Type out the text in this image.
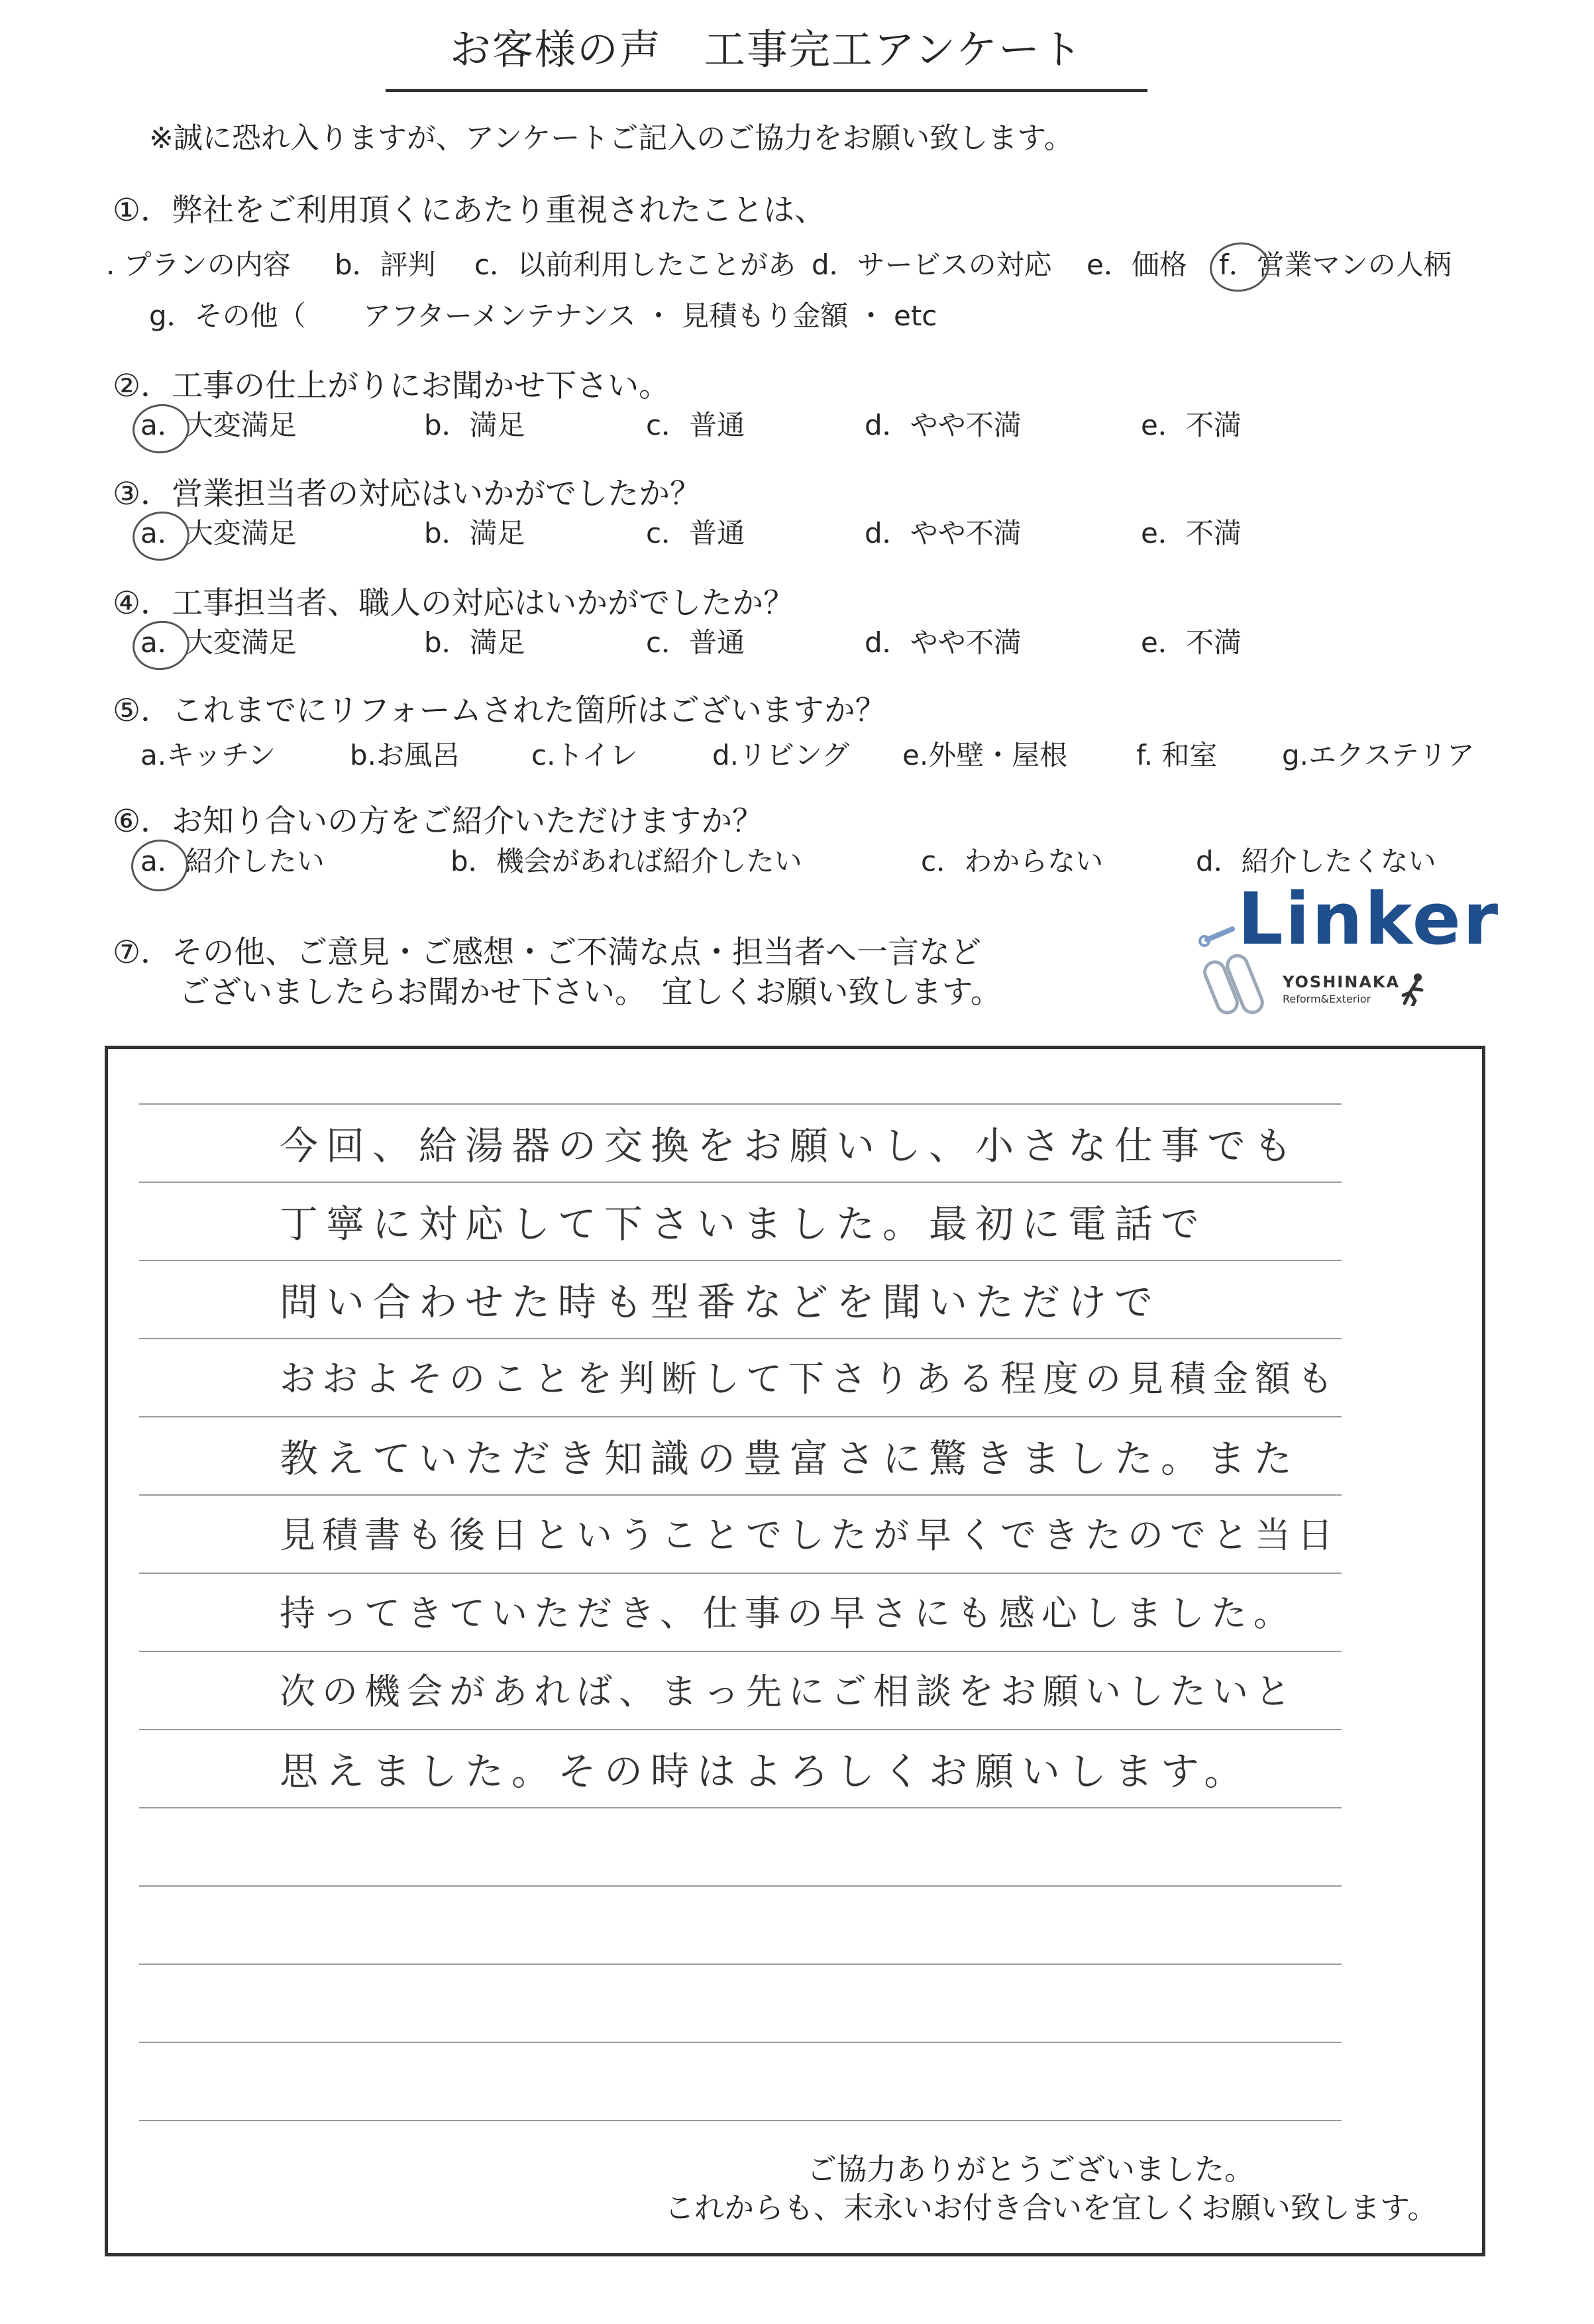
お客様の声　工事完工アンケート
※誠に恐れ入りますが、アンケートご記入のご協力をお願い致します。
①．弊社をご利用頂くにあたり重視されたことは、
. プランの内容 b．評判 c．以前利用したことがあ d．サービスの対応 e．価格 f．営業マンの人柄
g．その他（ アフターメンテナンス ・ 見積もり金額 ・ etc
②．工事の仕上がりにお聞かせ下さい。
a．大変満足	b．満足	c．普通	d．やや不満	e．不満
③．営業担当者の対応はいかがでしたか？
a．大変満足	b．満足	c．普通	d．やや不満	e．不満
④．工事担当者、職人の対応はいかがでしたか？
a．大変満足	b．満足	c．普通	d．やや不満	e．不満
⑤．これまでにリフォームされた箇所はございますか？
a.キッチン	b.お風呂	c.トイレ	d.リビング e.外壁・屋根 f. 和室 g.エクステリア
⑥．お知り合いの方をご紹介いただけますか？
a．紹介したい	b．機会があれば紹介したい	c．わからない	d．紹介したくない
⑦．その他、ご意見・ご感想・ご不満な点・担当者へ一言など
ございましたらお聞かせ下さい。　宜しくお願い致します。
Linker
YOSHINAKA
Reform&Exterior
今回、給湯器の交換をお願いし、小さな仕事でも
丁寧に対応して下さいました。最初に電話で
問い合わせた時も型番などを聞いただけで
おおよそのことを判断して下さりある程度の見積金額も
教えていただき知識の豊富さに驚きました。また
見積書も後日ということでしたが早くできたのでと当日
持ってきていただき、仕事の早さにも感心しました。
次の機会があれば、まっ先にご相談をお願いしたいと
思えました。その時はよろしくお願いします。
ご協力ありがとうございました。
これからも、末永いお付き合いを宜しくお願い致します。
